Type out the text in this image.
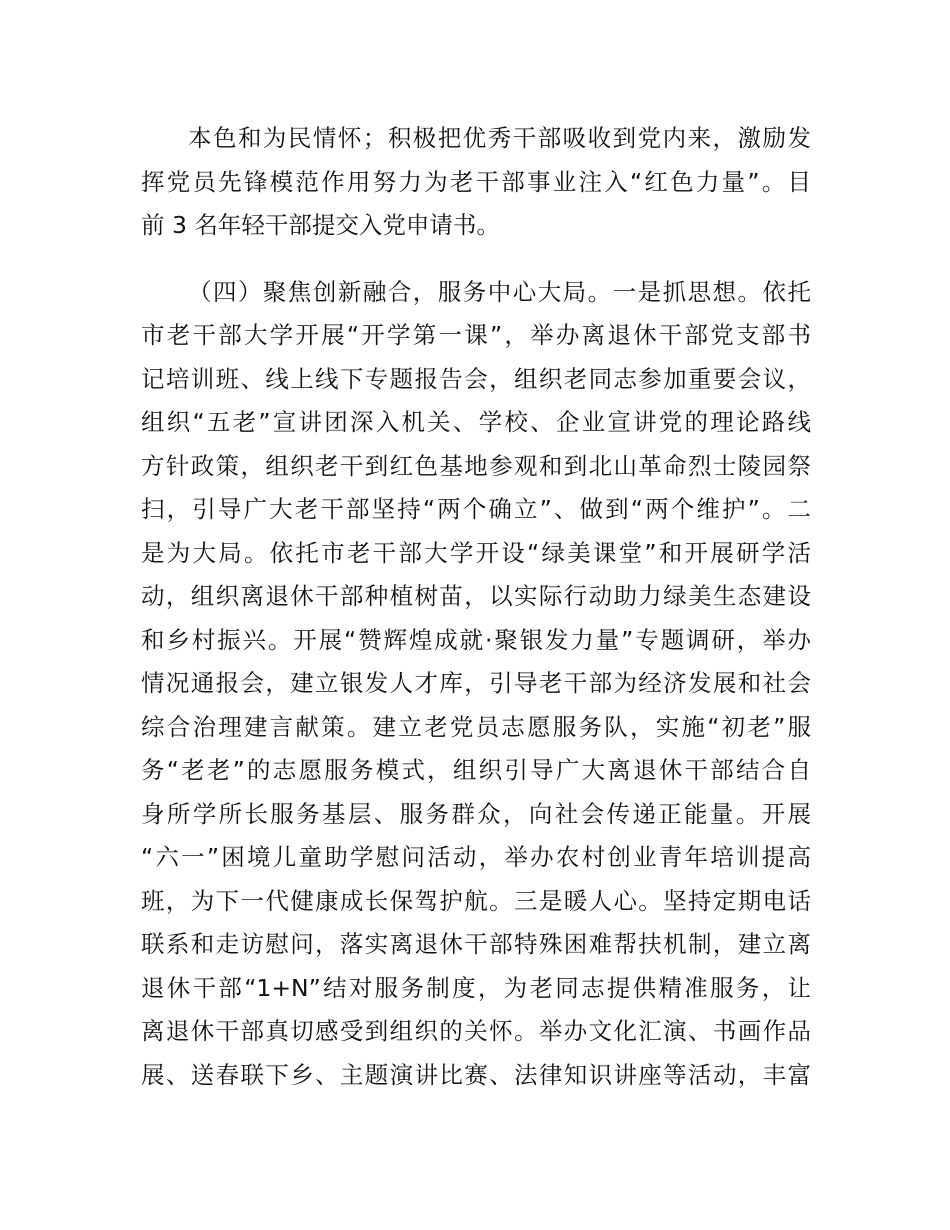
本色和为民情怀；积极把优秀干部吸收到党内来，激励发
挥党员先锋模范作用努力为老干部事业注入“红色力量”。目
前 3 名年轻干部提交入党申请书。
（四）聚焦创新融合，服务中心大局。一是抓思想。依托
市老干部大学开展“开学第一课”，举办离退休干部党支部书
记培训班、线上线下专题报告会，组织老同志参加重要会议，
组织“五老”宣讲团深入机关、学校、企业宣讲党的理论路线
方针政策，组织老干到红色基地参观和到北山革命烈士陵园祭
扫，引导广大老干部坚持“两个确立”、做到“两个维护”。二
是为大局。依托市老干部大学开设“绿美课堂”和开展研学活
动，组织离退休干部种植树苗，以实际行动助力绿美生态建设
和乡村振兴。开展“赞辉煌成就·聚银发力量”专题调研，举办
情况通报会，建立银发人才库，引导老干部为经济发展和社会
综合治理建言献策。建立老党员志愿服务队，实施“初老”服
务“老老”的志愿服务模式，组织引导广大离退休干部结合自
身所学所长服务基层、服务群众，向社会传递正能量。开展
“六一”困境儿童助学慰问活动，举办农村创业青年培训提高
班，为下一代健康成长保驾护航。三是暖人心。坚持定期电话
联系和走访慰问，落实离退休干部特殊困难帮扶机制，建立离
退休干部“1+N”结对服务制度，为老同志提供精准服务，让
离退休干部真切感受到组织的关怀。举办文化汇演、书画作品
展、送春联下乡、主题演讲比赛、法律知识讲座等活动，丰富
